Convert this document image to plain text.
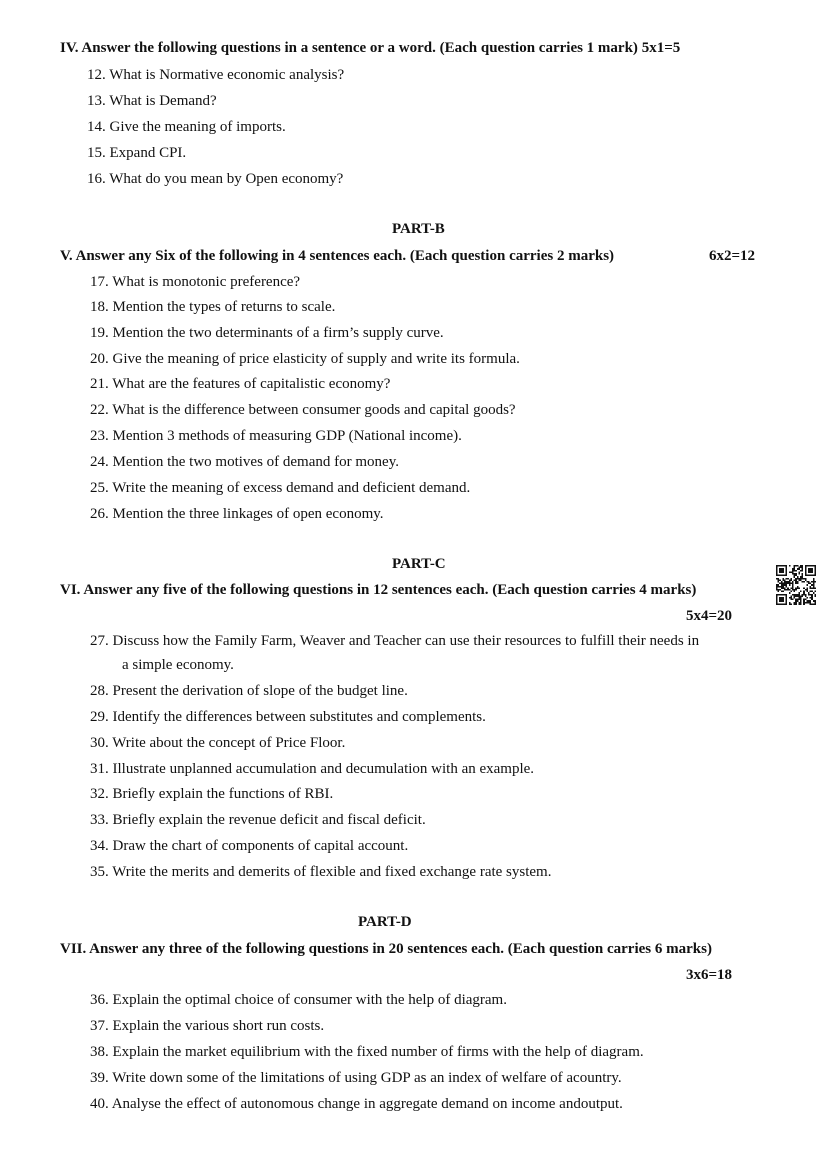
IV. Answer the following questions in a sentence or a word. (Each question carries 1 mark) 5x1=5
12. What is Normative economic analysis?
13. What is Demand?
14. Give the meaning of imports.
15. Expand CPI.
16. What do you mean by Open economy?
PART-B
V. Answer any Six of the following in 4 sentences each. (Each question carries 2 marks)	6x2=12
17. What is monotonic preference?
18. Mention the types of returns to scale.
19. Mention the two determinants of a firm’s supply curve.
20. Give the meaning of price elasticity of supply and write its formula.
21. What are the features of capitalistic economy?
22. What is the difference between consumer goods and capital goods?
23. Mention 3 methods of measuring GDP (National income).
24. Mention the two motives of demand for money.
25. Write the meaning of excess demand and deficient demand.
26. Mention the three linkages of open economy.
PART-C
VI. Answer any five of the following questions in 12 sentences each. (Each question carries 4 marks)
5x4=20
27. Discuss how the Family Farm, Weaver and Teacher can use their resources to fulfill their needs in
a simple economy.
28. Present the derivation of slope of the budget line.
29. Identify the differences between substitutes and complements.
30. Write about the concept of Price Floor.
31. Illustrate unplanned accumulation and decumulation with an example.
32. Briefly explain the functions of RBI.
33. Briefly explain the revenue deficit and fiscal deficit.
34. Draw the chart of components of capital account.
35. Write the merits and demerits of flexible and fixed exchange rate system.
PART-D
VII. Answer any three of the following questions in 20 sentences each. (Each question carries 6 marks)
3x6=18
36. Explain the optimal choice of consumer with the help of diagram.
37. Explain the various short run costs.
38. Explain the market equilibrium with the fixed number of firms with the help of diagram.
39. Write down some of the limitations of using GDP as an index of welfare of acountry.
40. Analyse the effect of autonomous change in aggregate demand on income andoutput.
